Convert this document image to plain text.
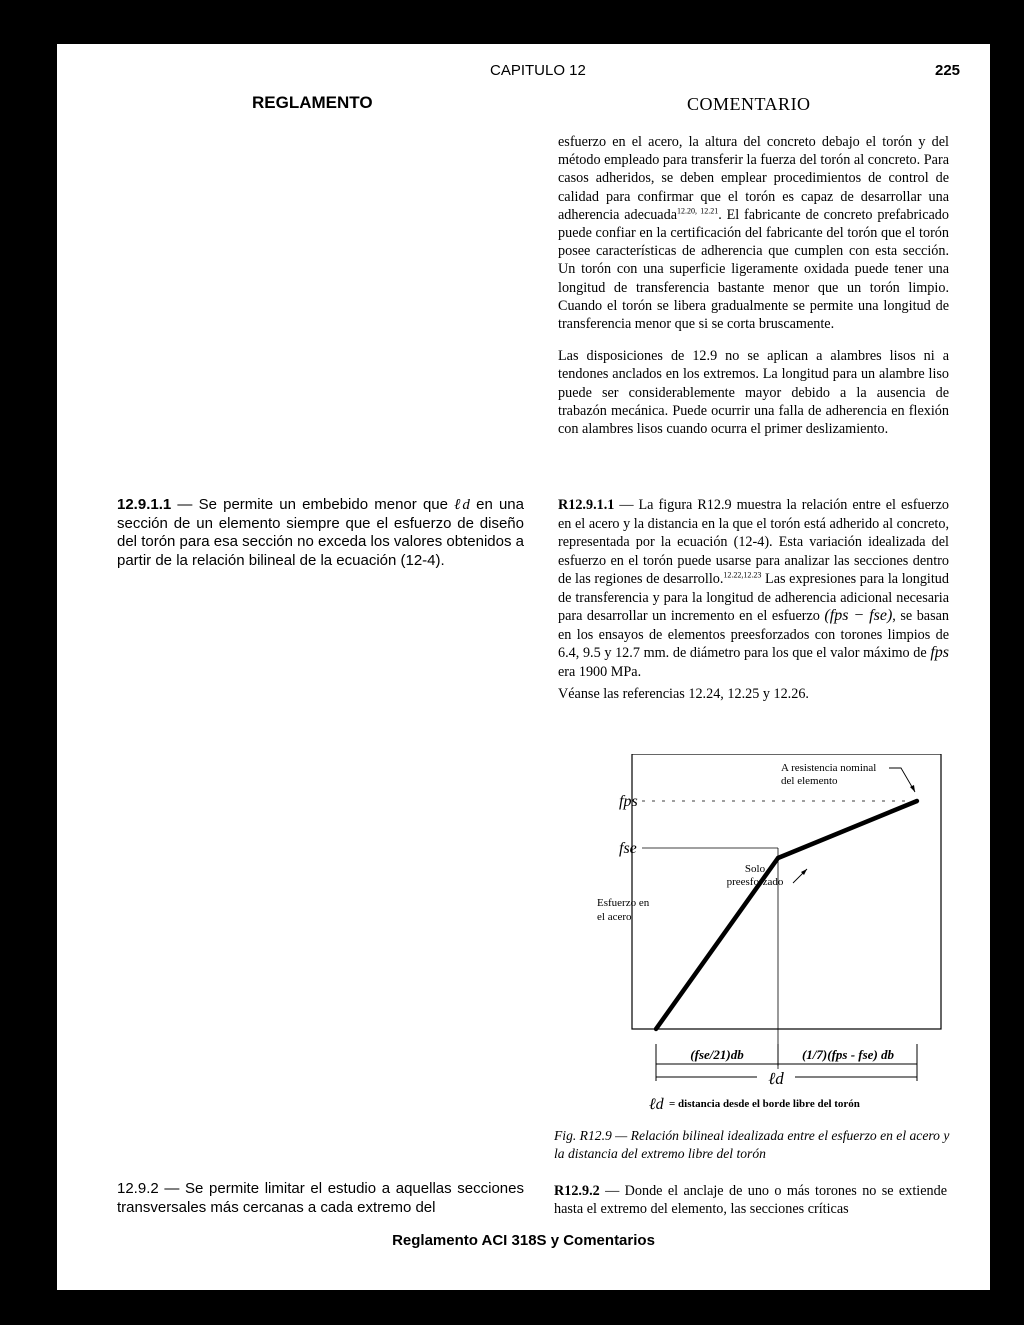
CAPITULO 12	225
REGLAMENTO	COMENTARIO

esfuerzo en el acero, la altura del concreto debajo el torón y del método empleado para transferir la fuerza del torón al concreto. Para casos adheridos, se deben emplear procedimientos de control de calidad para confirmar que el torón es capaz de desarrollar una adherencia adecuada$^{12.20, 12.21}$. El fabricante de concreto prefabricado puede confiar en la certificación del fabricante del torón que el torón posee características de adherencia que cumplen con esta sección. Un torón con una superficie ligeramente oxidada puede tener una longitud de transferencia bastante menor que un torón limpio. Cuando el torón se libera gradualmente se permite una longitud de transferencia menor que si se corta bruscamente.

Las disposiciones de 12.9 no se aplican a alambres lisos ni a tendones anclados en los extremos. La longitud para un alambre liso puede ser considerablemente mayor debido a la ausencia de trabazón mecánica. Puede ocurrir una falla de adherencia en flexión con alambres lisos cuando ocurra el primer deslizamiento.

12.9.1.1 — Se permite un embebido menor que ℓd en una sección de un elemento siempre que el esfuerzo de diseño del torón para esa sección no exceda los valores obtenidos a partir de la relación bilineal de la ecuación (12-4).

R12.9.1.1 — La figura R12.9 muestra la relación entre el esfuerzo en el acero y la distancia en la que el torón está adherido al concreto, representada por la ecuación (12-4). Esta variación idealizada del esfuerzo en el torón puede usarse para analizar las secciones dentro de las regiones de desarrollo.$^{12.22,12.23}$ Las expresiones para la longitud de transferencia y para la longitud de adherencia adicional necesaria para desarrollar un incremento en el esfuerzo (fps − fse), se basan en los ensayos de elementos preesforzados con torones limpios de 6.4, 9.5 y 12.7 mm. de diámetro para los que el valor máximo de fps era 1900 MPa.

Véanse las referencias 12.24, 12.25 y 12.26.

fps
fse
Esfuerzo en
el acero
A resistencia nominal
del elemento
Solo
preesforzado
(fse/21)db	(1/7)(fps - fse) db
ℓd
ℓd = distancia desde el borde libre del torón
Fig. R12.9 — Relación bilineal idealizada entre el esfuerzo en el acero y la distancia del extremo libre del torón

12.9.2 — Se permite limitar el estudio a aquellas secciones transversales más cercanas a cada extremo del

R12.9.2 — Donde el anclaje de uno o más torones no se extiende hasta el extremo del elemento, las secciones críticas

Reglamento ACI 318S y Comentarios
